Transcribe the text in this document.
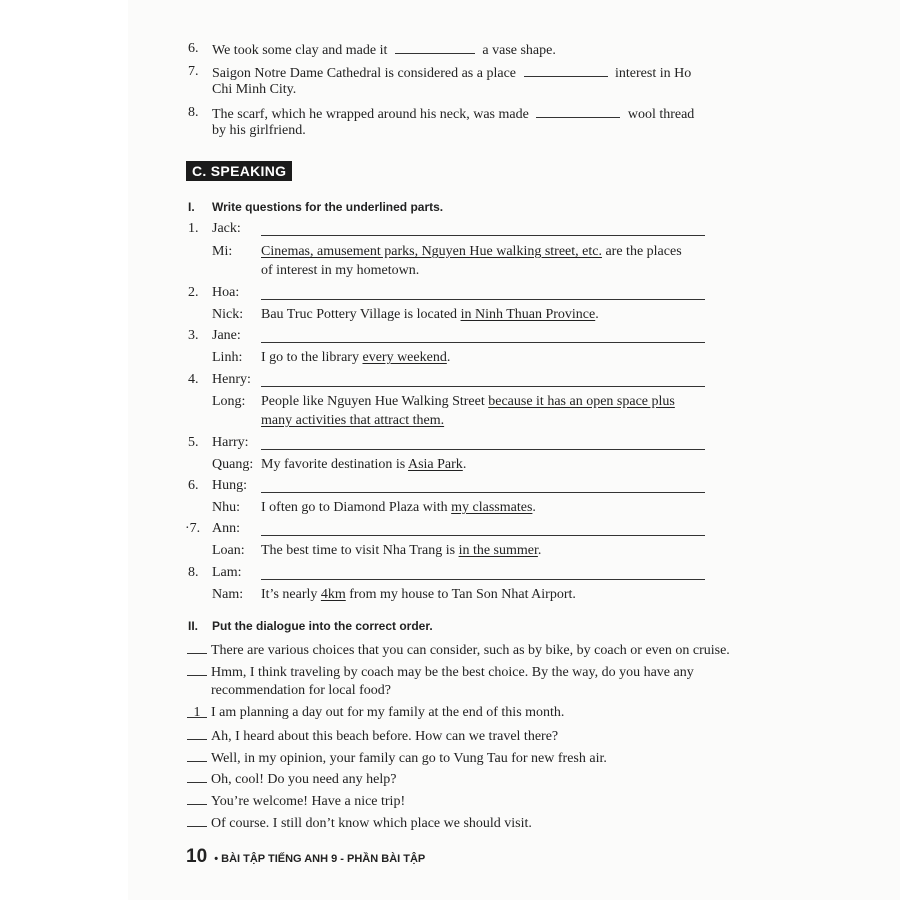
6. We took some clay and made it	a vase shape.
7. Saigon Notre Dame Cathedral is considered as a place	interest in Ho
Chi Minh City.
8. The scarf, which he wrapped around his neck, was made	wool thread
by his girlfriend.
C. SPEAKING
I. Write questions for the underlined parts.
1. Jack:
Mi: Cinemas, amusement parks, Nguyen Hue walking street, etc. are the places
of interest in my hometown.
2. Hoa:
Nick: Bau Truc Pottery Village is located in Ninh Thuan Province.
3. Jane:
Linh: I go to the library every weekend.
4. Henry:
Long: People like Nguyen Hue Walking Street because it has an open space plus
many activities that attract them.
5. Harry:
Quang: My favorite destination is Asia Park.
6. Hung:
Nhu: I often go to Diamond Plaza with my classmates.
·7. Ann:
Loan: The best time to visit Nha Trang is in the summer.
8. Lam:
Nam: It’s nearly 4km from my house to Tan Son Nhat Airport.
II. Put the dialogue into the correct order.
There are various choices that you can consider, such as by bike, by coach or even on cruise.
Hmm, I think traveling by coach may be the best choice. By the way, do you have any
recommendation for local food?
1 I am planning a day out for my family at the end of this month.
Ah, I heard about this beach before. How can we travel there?
Well, in my opinion, your family can go to Vung Tau for new fresh air.
Oh, cool! Do you need any help?
You’re welcome! Have a nice trip!
Of course. I still don’t know which place we should visit.
10 • BÀI TẬP TIẾNG ANH 9 - PHẦN BÀI TẬP
